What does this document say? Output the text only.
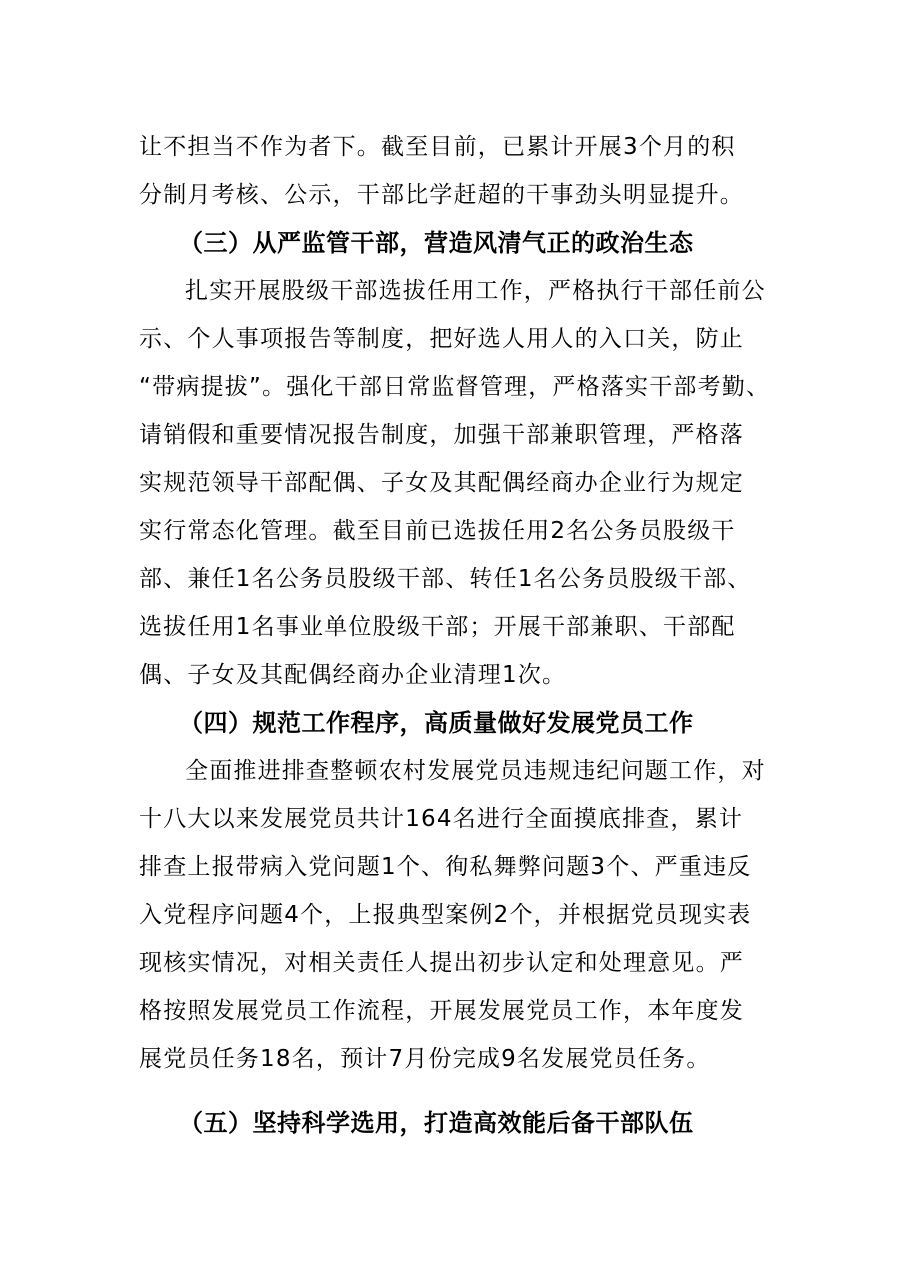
让不担当不作为者下。截至目前，已累计开展3个月的积
分制月考核、公示，干部比学赶超的干事劲头明显提升。
（三）从严监管干部，营造风清气正的政治生态
扎实开展股级干部选拔任用工作，严格执行干部任前公
示、个人事项报告等制度，把好选人用人的入口关，防止
“带病提拔”。强化干部日常监督管理，严格落实干部考勤、
请销假和重要情况报告制度，加强干部兼职管理，严格落
实规范领导干部配偶、子女及其配偶经商办企业行为规定
实行常态化管理。截至目前已选拔任用2名公务员股级干
部、兼任1名公务员股级干部、转任1名公务员股级干部、
选拔任用1名事业单位股级干部；开展干部兼职、干部配
偶、子女及其配偶经商办企业清理1次。
（四）规范工作程序，高质量做好发展党员工作
全面推进排查整顿农村发展党员违规违纪问题工作，对
十八大以来发展党员共计164名进行全面摸底排查，累计
排查上报带病入党问题1个、徇私舞弊问题3个、严重违反
入党程序问题4个，上报典型案例2个，并根据党员现实表
现核实情况，对相关责任人提出初步认定和处理意见。严
格按照发展党员工作流程，开展发展党员工作，本年度发
展党员任务18名，预计7月份完成9名发展党员任务。
（五）坚持科学选用，打造高效能后备干部队伍
